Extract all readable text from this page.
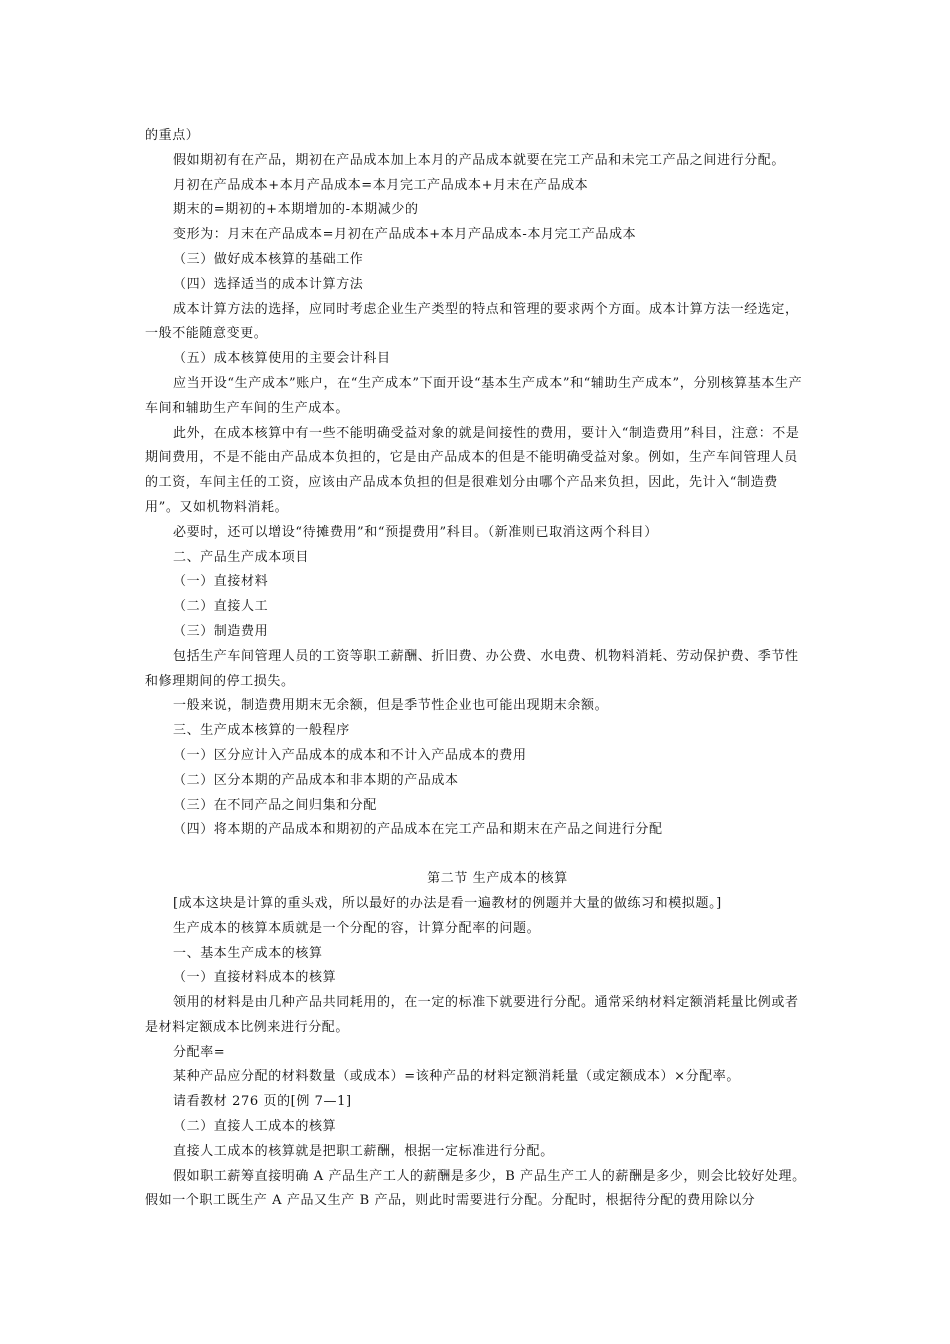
的重点）
假如期初有在产品，期初在产品成本加上本月的产品成本就要在完工产品和未完工产品之间进行分配。
月初在产品成本+本月产品成本=本月完工产品成本+月末在产品成本
期末的=期初的+本期增加的-本期减少的
变形为：月末在产品成本=月初在产品成本+本月产品成本-本月完工产品成本
（三）做好成本核算的基础工作
（四）选择适当的成本计算方法
成本计算方法的选择，应同时考虑企业生产类型的特点和管理的要求两个方面。成本计算方法一经选定，一般不能随意变更。
（五）成本核算使用的主要会计科目
应当开设“生产成本”账户，在“生产成本”下面开设“基本生产成本”和“辅助生产成本”，分别核算基本生产车间和辅助生产车间的生产成本。
此外，在成本核算中有一些不能明确受益对象的就是间接性的费用，要计入“制造费用”科目，注意：不是期间费用，不是不能由产品成本负担的，它是由产品成本的但是不能明确受益对象。例如，生产车间管理人员的工资，车间主任的工资，应该由产品成本负担的但是很难划分由哪个产品来负担，因此，先计入“制造费用”。又如机物料消耗。
必要时，还可以增设“待摊费用”和“预提费用”科目。（新准则已取消这两个科目）
二、产品生产成本项目
（一）直接材料
（二）直接人工
（三）制造费用
包括生产车间管理人员的工资等职工薪酬、折旧费、办公费、水电费、机物料消耗、劳动保护费、季节性和修理期间的停工损失。
一般来说，制造费用期末无余额，但是季节性企业也可能出现期末余额。
三、生产成本核算的一般程序
（一）区分应计入产品成本的成本和不计入产品成本的费用
（二）区分本期的产品成本和非本期的产品成本
（三）在不同产品之间归集和分配
（四）将本期的产品成本和期初的产品成本在完工产品和期末在产品之间进行分配
第二节 生产成本的核算
[成本这块是计算的重头戏，所以最好的办法是看一遍教材的例题并大量的做练习和模拟题。]
生产成本的核算本质就是一个分配的容，计算分配率的问题。
一、基本生产成本的核算
（一）直接材料成本的核算
领用的材料是由几种产品共同耗用的，在一定的标准下就要进行分配。通常采纳材料定额消耗量比例或者是材料定额成本比例来进行分配。
分配率=
某种产品应分配的材料数量（或成本）=该种产品的材料定额消耗量（或定额成本）×分配率。
请看教材 276 页的[例 7—1]
（二）直接人工成本的核算
直接人工成本的核算就是把职工薪酬，根据一定标准进行分配。
假如职工薪筹直接明确 A 产品生产工人的薪酬是多少，B 产品生产工人的薪酬是多少，则会比较好处理。假如一个职工既生产 A 产品又生产 B 产品，则此时需要进行分配。分配时，根据待分配的费用除以分
